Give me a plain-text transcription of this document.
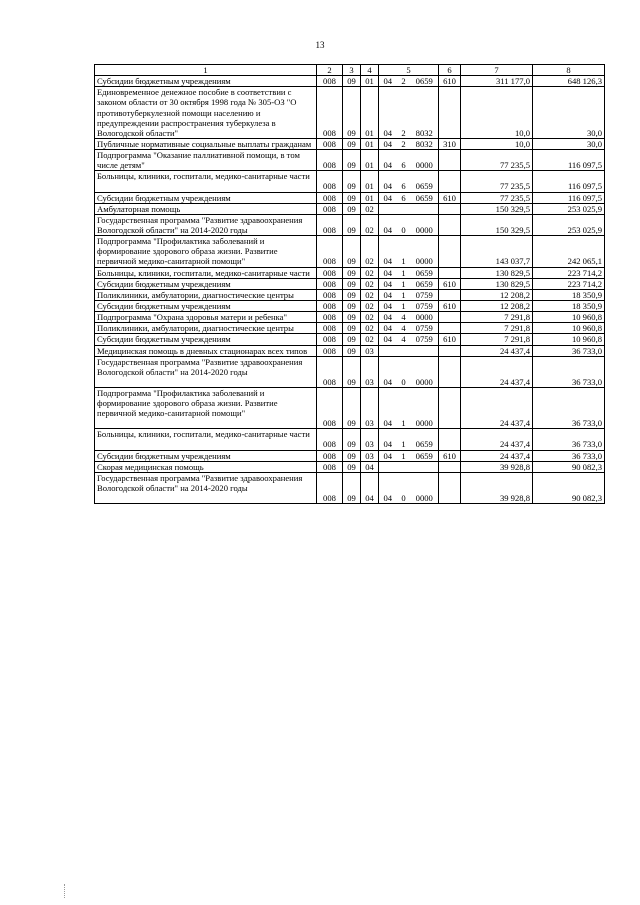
13
1	2	3	4	5			6	7	8
Субсидии бюджетным учреждениям	008	09	01	04	2	0659	610	311 177,0	648 126,3
Единовременное денежное пособие в соответствии с законом области от 30 октября 1998 года № 305-ОЗ "О противотуберкулезной помощи населению и предупреждении распространения туберкулеза в Вологодской области"	008	09	01	04	2	8032		10,0	30,0
Публичные нормативные социальные выплаты гражданам	008	09	01	04	2	8032	310	10,0	30,0
Подпрограмма "Оказание паллиативной помощи, в том числе детям"	008	09	01	04	6	0000		77 235,5	116 097,5
Больницы, клиники, госпитали, медико-санитарные части	008	09	01	04	6	0659		77 235,5	116 097,5
Субсидии бюджетным учреждениям	008	09	01	04	6	0659	610	77 235,5	116 097,5
Амбулаторная помощь	008	09	02					150 329,5	253 025,9
Государственная программа "Развитие здравоохранения Вологодской области" на 2014-2020 годы	008	09	02	04	0	0000		150 329,5	253 025,9
Подпрограмма "Профилактика заболеваний и формирование здорового образа жизни. Развитие первичной медико-санитарной помощи"	008	09	02	04	1	0000		143 037,7	242 065,1
Больницы, клиники, госпитали, медико-санитарные части	008	09	02	04	1	0659		130 829,5	223 714,2
Субсидии бюджетным учреждениям	008	09	02	04	1	0659	610	130 829,5	223 714,2
Поликлиники, амбулатории, диагностические центры	008	09	02	04	1	0759		12 208,2	18 350,9
Субсидии бюджетным учреждениям	008	09	02	04	1	0759	610	12 208,2	18 350,9
Подпрограмма "Охрана здоровья матери и ребенка"	008	09	02	04	4	0000		7 291,8	10 960,8
Поликлиники, амбулатории, диагностические центры	008	09	02	04	4	0759		7 291,8	10 960,8
Субсидии бюджетным учреждениям	008	09	02	04	4	0759	610	7 291,8	10 960,8
Медицинская помощь в дневных стационарах всех типов	008	09	03					24 437,4	36 733,0
Государственная программа "Развитие здравоохранения Вологодской области" на 2014-2020 годы	008	09	03	04	0	0000		24 437,4	36 733,0
Подпрограмма "Профилактика заболеваний и формирование здорового образа жизни. Развитие первичной медико-санитарной помощи"	008	09	03	04	1	0000		24 437,4	36 733,0
Больницы, клиники, госпитали, медико-санитарные части	008	09	03	04	1	0659		24 437,4	36 733,0
Субсидии бюджетным учреждениям	008	09	03	04	1	0659	610	24 437,4	36 733,0
Скорая медицинская помощь	008	09	04					39 928,8	90 082,3
Государственная программа "Развитие здравоохранения Вологодской области" на 2014-2020 годы	008	09	04	04	0	0000		39 928,8	90 082,3
